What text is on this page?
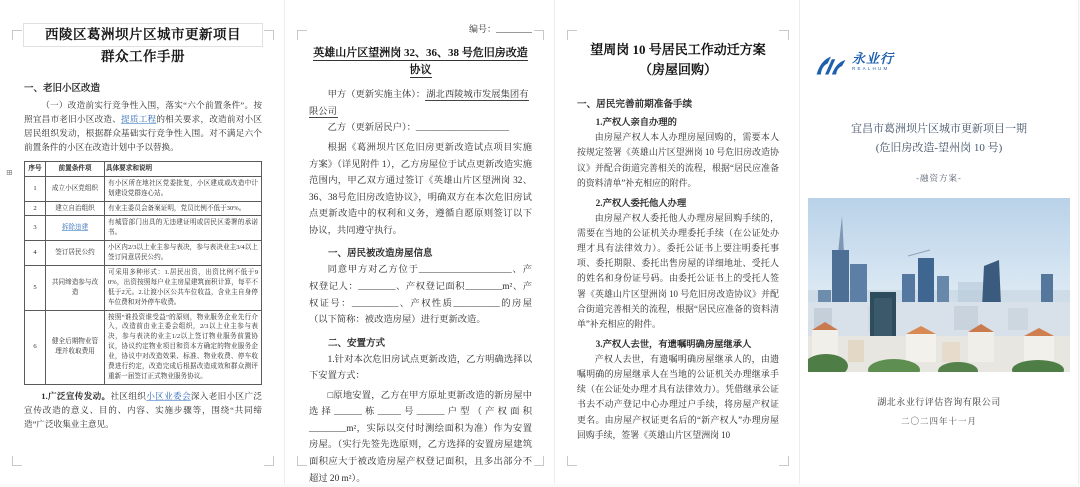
⊞
西陵区葛洲坝片区城市更新项目
群众工作手册
一、老旧小区改造
（一）改造前实行竞争性入围，落实“六个前置条件”。按照宜昌市老旧小区改造、提质工程的相关要求，改造前对小区居民组织发动，根据群众基础实行竞争性入围。对不满足六个前置条件的小区在改造计划中予以替换。
序号	前置条件项	具体要求和说明
1	成立小区党组织	有小区所在地社区党委批复，小区建成或改造中计划建设党群连心站。
2	建立自治组织	有业主委员会备案证明，党员比例不低于30%。
3	拆除违建	有城管部门出具的无违建证明或居民区委署的承诺书。
4	签订居民公约	小区内2/3以上业主参与表决，参与表决业主3/4以上签订同意居民公约。
5	共同缔造参与改造	可采用多种形式：1.居民出资，出资比例不低于90%，出资按照每户业主房屋建筑面积计算，每平不低于2元。2.让渡小区公共车位收益，含业主自身停车位费和对外停车收费。
6	健全后期物业管理并收取费用	按照“谁投资谁受益”的原则，物业服务企业先行介入，改造前由业主委会组织，2/3以上业主参与表决，参与表决的业主1/2以上签订物业服务前置协议，协议约定物业项目和资本方确定的物业服务企业，协议中对改造效果、标准、物业收费、停车收费进行约定，改造完成后根据改造成效和群众测评重新一届签订正式物业服务协议。
1.广泛宣传发动。社区组织小区业委会深入老旧小区广泛宣传改造的意义、目的、内容、实施步骤等，围绕“共同缔造”广泛收集业主意见。
编号：________
英雄山片区望洲岗 32、36、38 号危旧房改造协议
甲方（更新实施主体）：湖北西陵城市发展集团有限公司
乙方（更新居民户）：____________________
根据《葛洲坝片区危旧房更新改造试点项目实施方案》（详见附件 1），乙方房屋位于试点更新改造实施范围内，甲乙双方通过签订《英雄山片区望洲岗 32、36、38号危旧房改造协议》，明确双方在本次危旧房试点更新改造中的权利和义务，遵循自愿原则签订以下协议，共同遵守执行。
一、居民被改造房屋信息
同意甲方对乙方位于____________________、产权登记人：________、产权登记面积________m²、产权证号：__________、产权性质__________的房屋（以下简称：被改造房屋）进行更新改造。
二、安置方式
1.针对本次危旧房试点更新改造，乙方明确选择以下安置方式：
□原地安置，乙方在甲方原址更新改造的新房屋中选择______栋_____号______户型（产权面积________m²，实际以交付时测绘面积为准）作为安置房屋。（实行先签先选原则，乙方选择的安置房屋建筑面积应大于被改造房屋产权登记面积，且多出部分不超过 20 m²）。
望周岗 10 号居民工作动迁方案
（房屋回购）
一、居民完善前期准备手续
1.产权人亲自办理的
由房屋产权人本人办理房屋回购的，需要本人按规定签署《英雄山片区望洲岗 10 号危旧房改造协议》并配合街道完善相关的流程，根据“居民应准备的资料清单”补充相应的附件。
2.产权人委托他人办理
由房屋产权人委托他人办理房屋回购手续的，需要在当地的公证机关办理委托手续（在公证处办理才具有法律效力）。委托公证书上要注明委托事项、委托期限、委托出售房屋的详细地址、受托人的姓名和身份证号码。由委托公证书上的受托人签署《英雄山片区望洲岗 10 号危旧房改造协议》并配合街道完善相关的流程，根据“居民应准备的资料清单”补充相应的附件。
3.产权人去世，有遗嘱明确房屋继承人
产权人去世，有遗嘱明确房屋继承人的，由遗嘱明确的房屋继承人在当地的公证机关办理继承手续（在公证处办理才具有法律效力）。凭借继承公证书去不动产登记中心办理过户手续，将房屋产权证更名。由房屋产权证更名后的“新产权人”办理房屋回购手续，签署《英雄山片区望洲岗 10
永业行
REALHUM
宜昌市葛洲坝片区城市更新项目一期
(危旧房改造-望州岗 10 号)
-融资方案-
湖北永业行评估咨询有限公司
二〇二四年十一月
